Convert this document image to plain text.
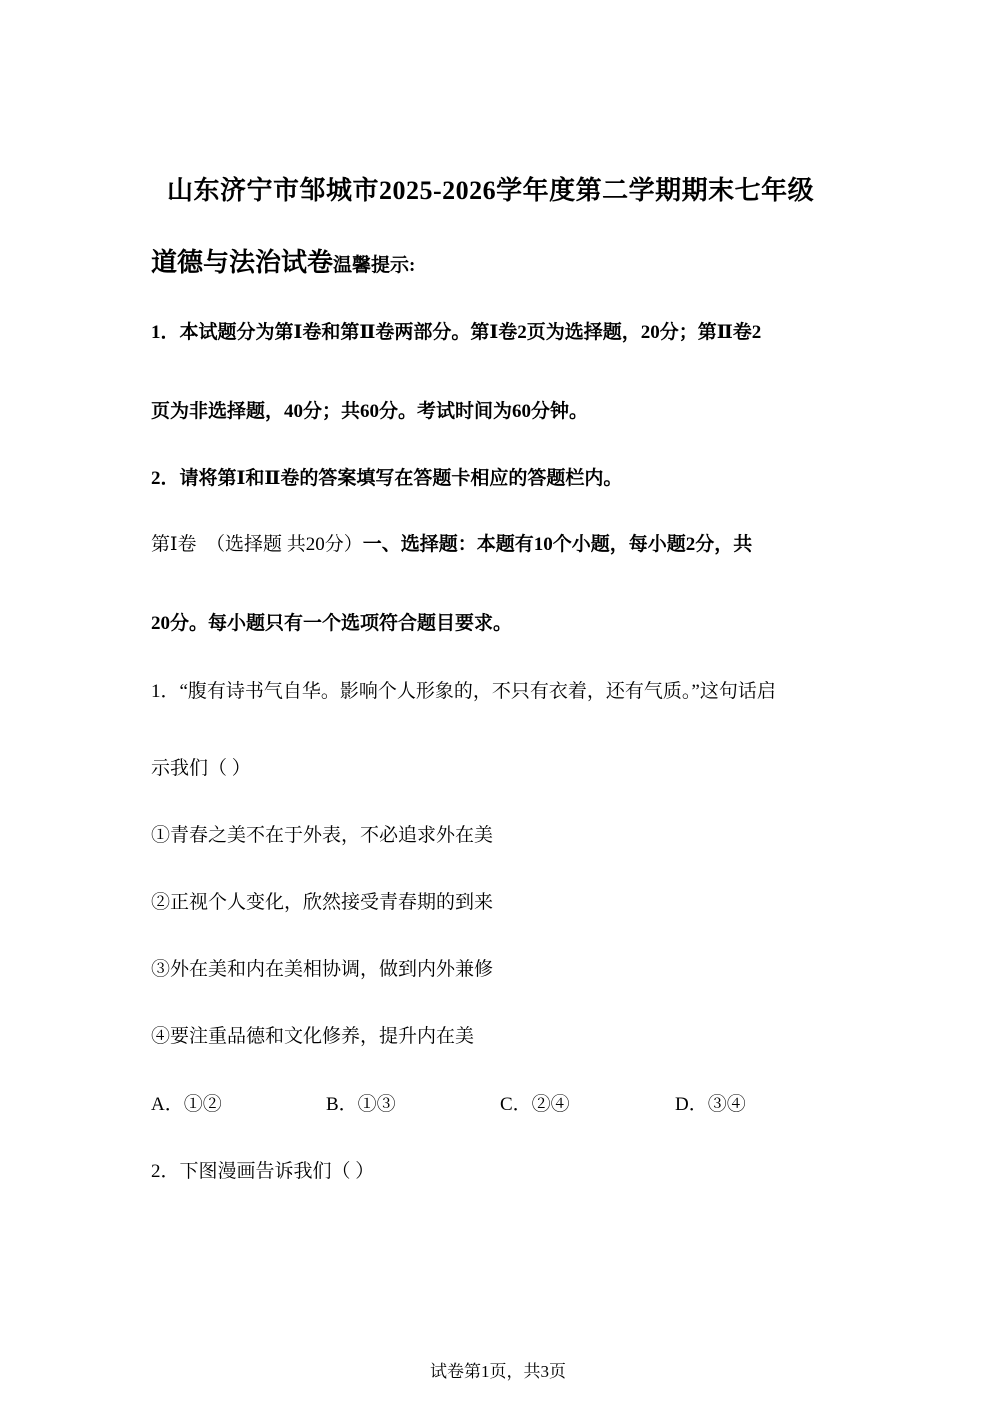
山东济宁市邹城市2025-2026学年度第二学期期末七年级
道德与法治试卷温馨提示:
1．本试题分为第Ⅰ卷和第Ⅱ卷两部分。第Ⅰ卷2页为选择题，20分；第Ⅱ卷2
页为非选择题，40分；共60分。考试时间为60分钟。
2．请将第Ⅰ和Ⅱ卷的答案填写在答题卡相应的答题栏内。
第Ⅰ卷　（选择题 共20分）一、选择题：本题有10个小题，每小题2分，共
20分。每小题只有一个选项符合题目要求。
1．“腹有诗书气自华。影响个人形象的，不只有衣着，还有气质。”这句话启
示我们（ ）
①青春之美不在于外表，不必追求外在美
②正视个人变化，欣然接受青春期的到来
③外在美和内在美相协调，做到内外兼修
④要注重品德和文化修养，提升内在美
A．①②	B．①③	C．②④	D．③④
2．下图漫画告诉我们（ ）
试卷第1页，共3页
